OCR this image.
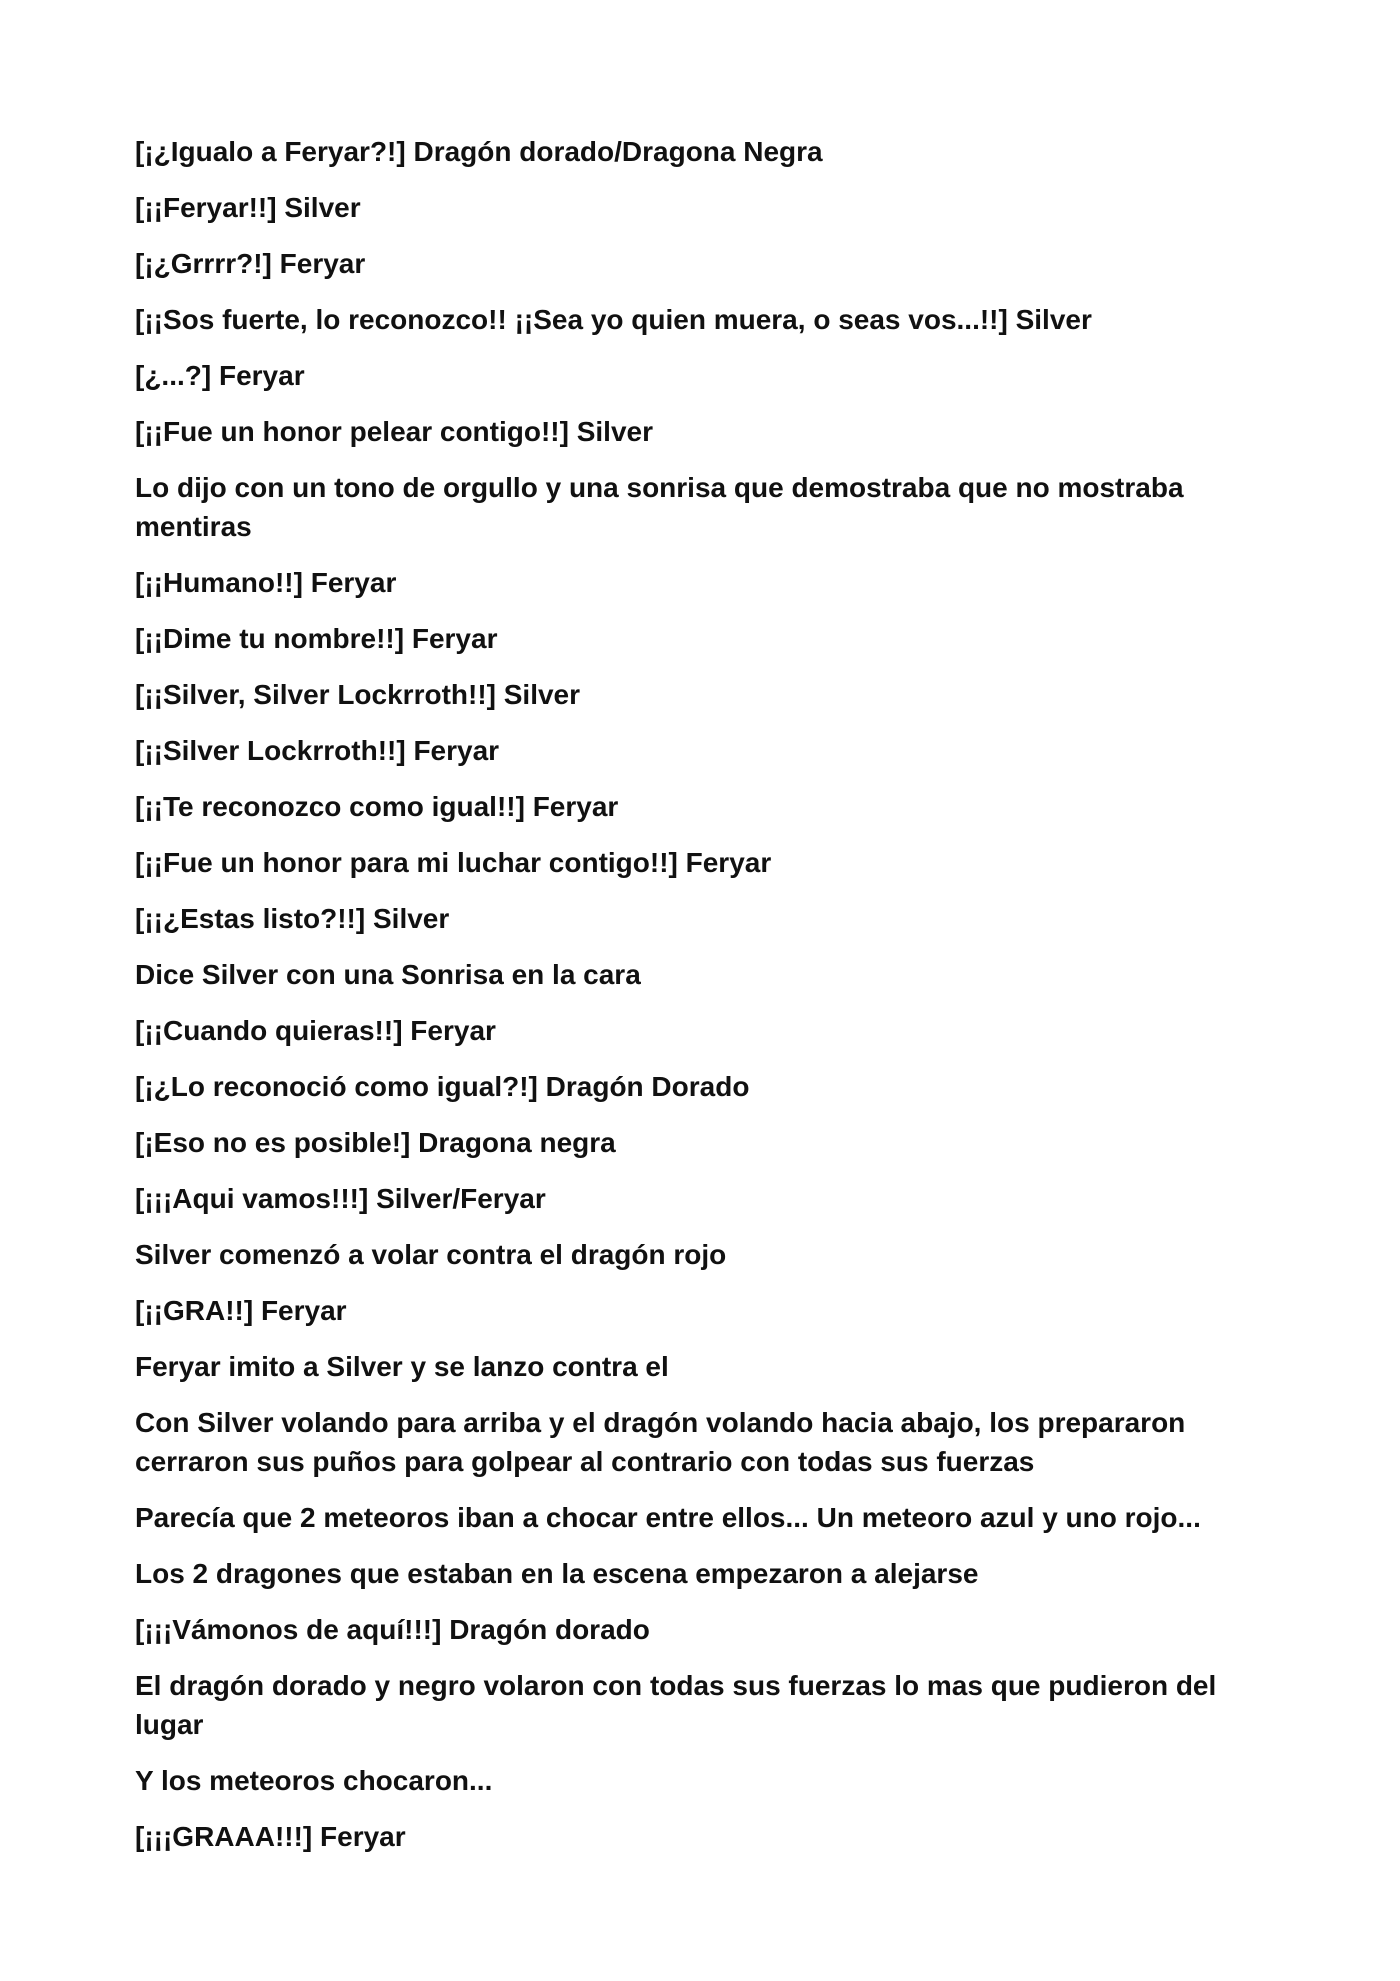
[¡¿Igualo a Feryar?!] Dragón dorado/Dragona Negra

[¡¡Feryar!!] Silver

[¡¿Grrrr?!] Feryar

[¡¡Sos fuerte, lo reconozco!! ¡¡Sea yo quien muera, o seas vos...!!] Silver

[¿...?] Feryar

[¡¡Fue un honor pelear contigo!!] Silver

Lo dijo con un tono de orgullo y una sonrisa que demostraba que no mostraba mentiras

[¡¡Humano!!] Feryar

[¡¡Dime tu nombre!!] Feryar

[¡¡Silver, Silver Lockrroth!!] Silver

[¡¡Silver Lockrroth!!] Feryar

[¡¡Te reconozco como igual!!] Feryar

[¡¡Fue un honor para mi luchar contigo!!] Feryar

[¡¡¿Estas listo?!!] Silver

Dice Silver con una Sonrisa en la cara

[¡¡Cuando quieras!!] Feryar

[¡¿Lo reconoció como igual?!] Dragón Dorado

[¡Eso no es posible!] Dragona negra

[¡¡¡Aqui vamos!!!] Silver/Feryar

Silver comenzó a volar contra el dragón rojo

[¡¡GRA!!] Feryar

Feryar imito a Silver y se lanzo contra el

Con Silver volando para arriba y el dragón volando hacia abajo, los prepararon cerraron sus puños para golpear al contrario con todas sus fuerzas

Parecía que 2 meteoros iban a chocar entre ellos... Un meteoro azul y uno rojo...

Los 2 dragones que estaban en la escena empezaron a alejarse

[¡¡¡Vámonos de aquí!!!] Dragón dorado

El dragón dorado y negro volaron con todas sus fuerzas lo mas que pudieron del lugar

Y los meteoros chocaron...

[¡¡¡GRAAA!!!] Feryar
